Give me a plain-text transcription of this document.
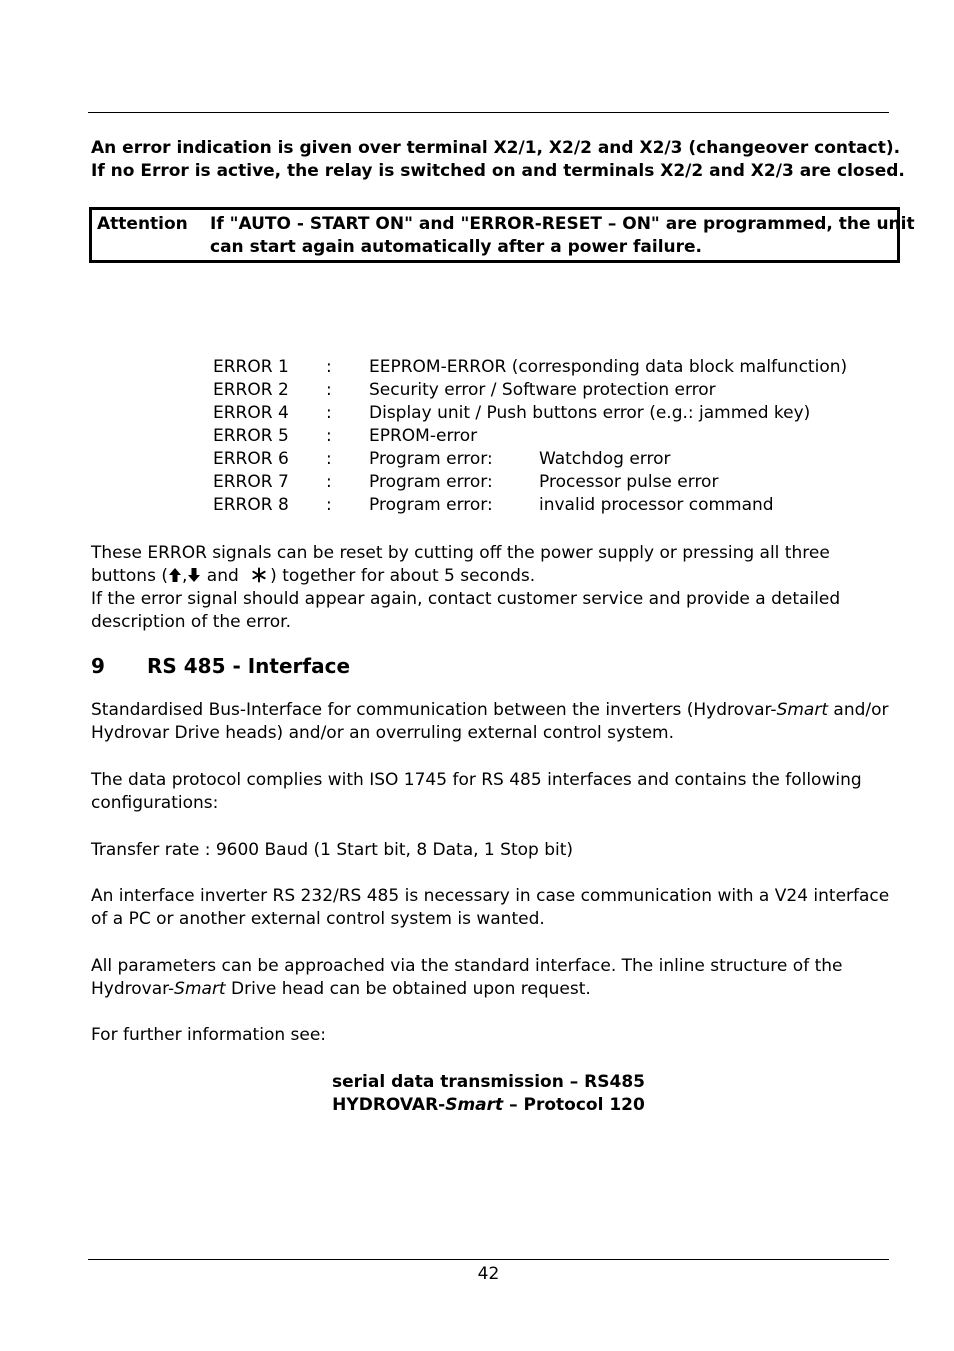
An error indication is given over terminal X2/1, X2/2 and X2/3 (changeover contact).
If no Error is active, the relay is switched on and terminals X2/2 and X2/3 are closed.
Attention If "AUTO - START ON" and "ERROR-RESET – ON" are programmed, the unit
can start again automatically after a power failure.
ERROR 1 : EEPROM-ERROR (corresponding data block malfunction)
ERROR 2 : Security error / Software protection error
ERROR 4 : Display unit / Push buttons error (e.g.: jammed key)
ERROR 5 : EPROM-error
ERROR 6 : Program error:	Watchdog error
ERROR 7 : Program error:	Processor pulse error
ERROR 8 : Program error:	invalid processor command
These ERROR signals can be reset by cutting off the power supply or pressing all three
buttons ( , and ) together for about 5 seconds.
If the error signal should appear again, contact customer service and provide a detailed
description of the error.
9 RS 485 - Interface
Standardised Bus-Interface for communication between the inverters (Hydrovar-Smart and/or
Hydrovar Drive heads) and/or an overruling external control system.
The data protocol complies with ISO 1745 for RS 485 interfaces and contains the following
configurations:
Transfer rate : 9600 Baud (1 Start bit, 8 Data, 1 Stop bit)
An interface inverter RS 232/RS 485 is necessary in case communication with a V24 interface
of a PC or another external control system is wanted.
All parameters can be approached via the standard interface. The inline structure of the
Hydrovar-Smart Drive head can be obtained upon request.
For further information see:
serial data transmission – RS485
HYDROVAR-Smart – Protocol 120
42
